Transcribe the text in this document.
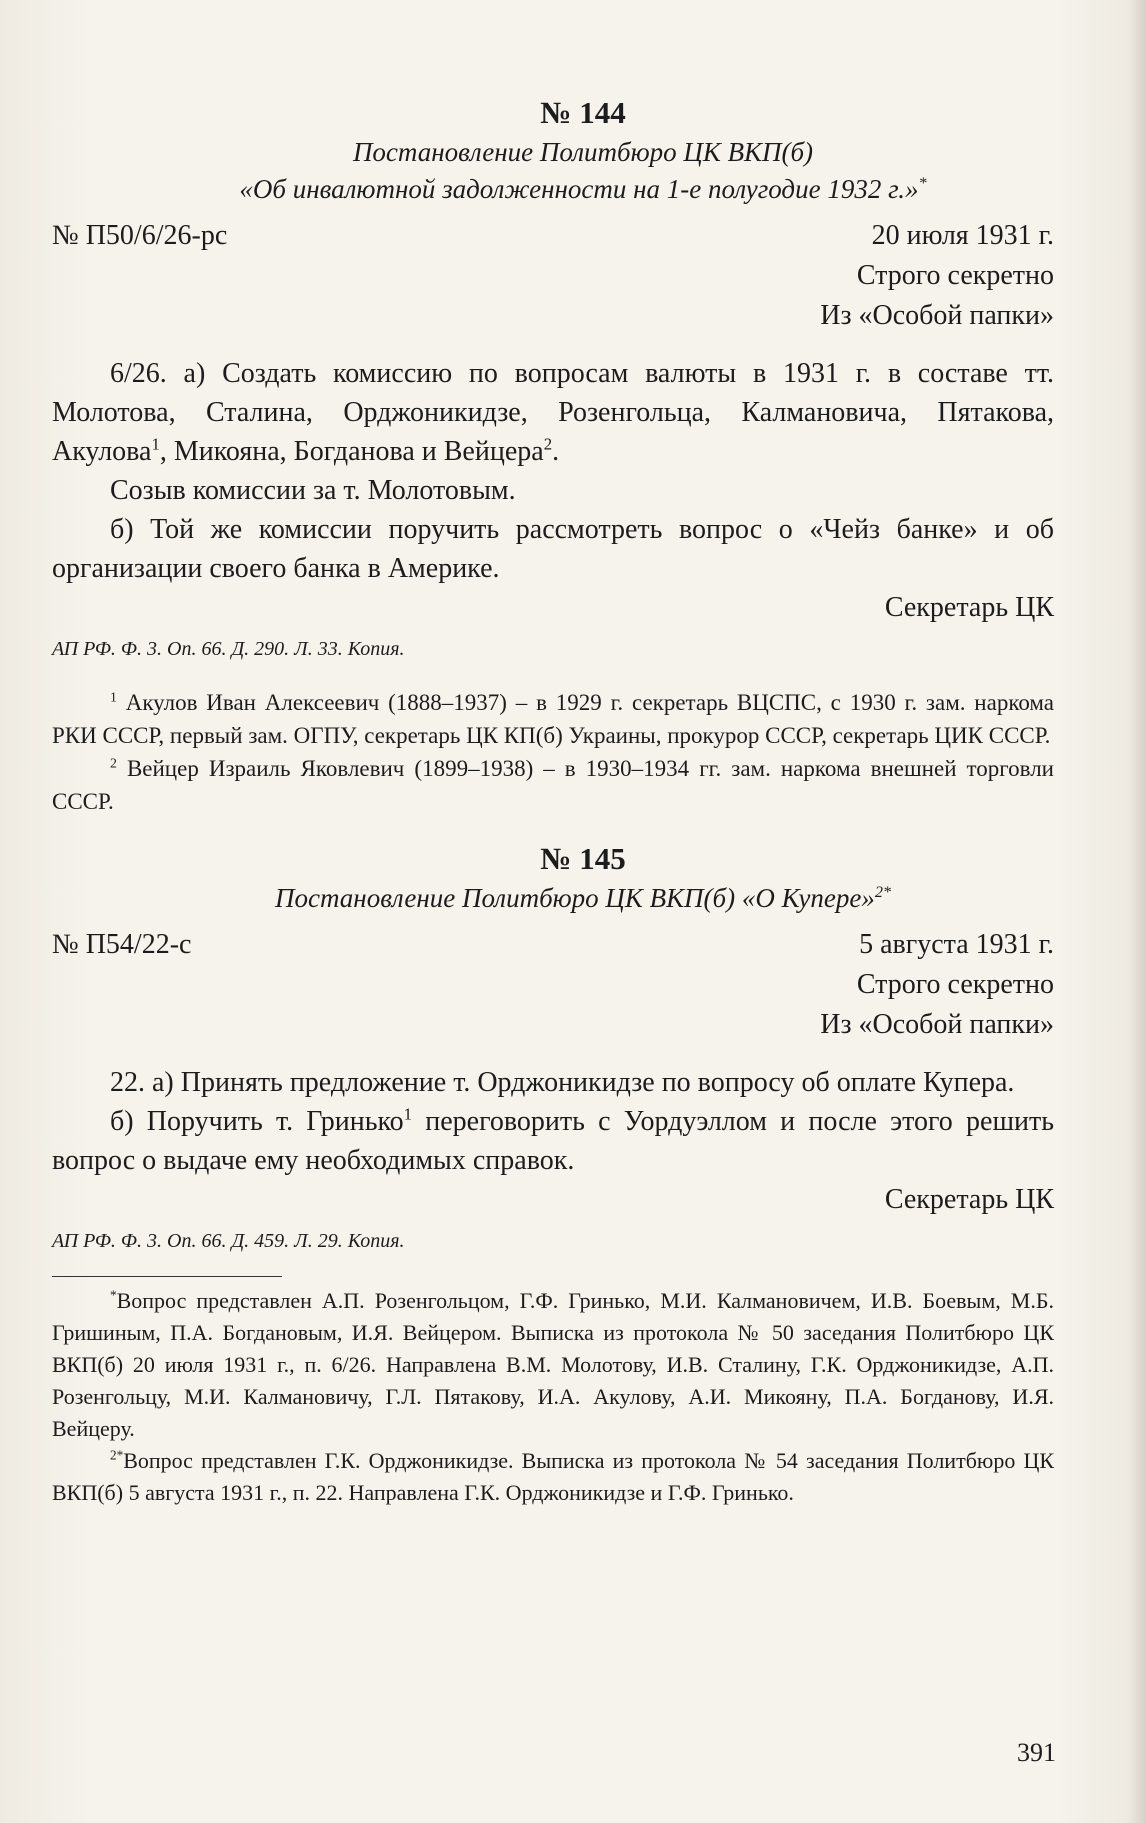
№ 144
Постановление Политбюро ЦК ВКП(б)
«Об инвалютной задолженности на 1-е полугодие 1932 г.»*
№ П50/6/26-рс	20 июля 1931 г.
Строго секретно
Из «Особой папки»

6/26. а) Создать комиссию по вопросам валюты в 1931 г. в составе тт. Молотова, Сталина, Орджоникидзе, Розенгольца, Калмановича, Пятакова, Акулова$^1$, Микояна, Богданова и Вейцера$^2$.

Созыв комиссии за т. Молотовым.

б) Той же комиссии поручить рассмотреть вопрос о «Чейз банке» и об организации своего банка в Америке.

Секретарь ЦК
АП РФ. Ф. 3. Оп. 66. Д. 290. Л. 33. Копия.

$^1$ Акулов Иван Алексеевич (1888–1937) – в 1929 г. секретарь ВЦСПС, с 1930 г. зам. наркома РКИ СССР, первый зам. ОГПУ, секретарь ЦК КП(б) Украины, прокурор СССР, секретарь ЦИК СССР.

$^2$ Вейцер Израиль Яковлевич (1899–1938) – в 1930–1934 гг. зам. наркома внешней торговли СССР.

№ 145
Постановление Политбюро ЦК ВКП(б) «О Купере»$^{2*}$
№ П54/22-с	5 августа 1931 г.
Строго секретно
Из «Особой папки»

22. а) Принять предложение т. Орджоникидзе по вопросу об оплате Купера.

б) Поручить т. Гринько$^1$ переговорить с Уордуэллом и после этого решить вопрос о выдаче ему необходимых справок.

Секретарь ЦК
АП РФ. Ф. 3. Оп. 66. Д. 459. Л. 29. Копия.

*Вопрос представлен А.П. Розенгольцом, Г.Ф. Гринько, М.И. Калмановичем, И.В. Боевым, М.Б. Гришиным, П.А. Богдановым, И.Я. Вейцером. Выписка из протокола № 50 заседания Политбюро ЦК ВКП(б) 20 июля 1931 г., п. 6/26. Направлена В.М. Молотову, И.В. Сталину, Г.К. Орджоникидзе, А.П. Розенгольцу, М.И. Калмановичу, Г.Л. Пятакову, И.А. Акулову, А.И. Микояну, П.А. Богданову, И.Я. Вейцеру.

$^{2*}$Вопрос представлен Г.К. Орджоникидзе. Выписка из протокола № 54 заседания Политбюро ЦК ВКП(б) 5 августа 1931 г., п. 22. Направлена Г.К. Орджоникидзе и Г.Ф. Гринько.

391
